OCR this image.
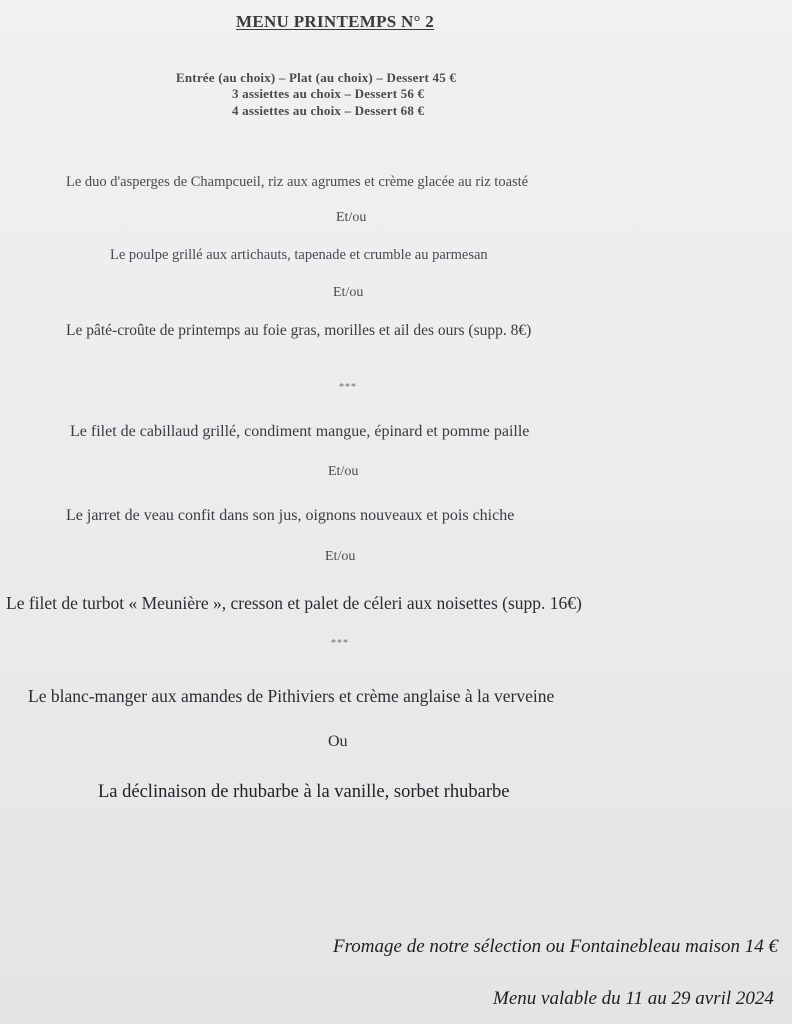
MENU PRINTEMPS N° 2
Entrée (au choix) – Plat (au choix) – Dessert 45 €
3 assiettes au choix – Dessert 56 €
4 assiettes au choix – Dessert 68 €
Le duo d'asperges de Champcueil, riz aux agrumes et crème glacée au riz toasté
Et/ou
Le poulpe grillé aux artichauts, tapenade et crumble au parmesan
Et/ou
Le pâté-croûte de printemps au foie gras, morilles et ail des ours (supp. 8€)
***
Le filet de cabillaud grillé, condiment mangue, épinard et pomme paille
Et/ou
Le jarret de veau confit dans son jus, oignons nouveaux et pois chiche
Et/ou
Le filet de turbot « Meunière », cresson et palet de céleri aux noisettes (supp. 16€)
***
Le blanc-manger aux amandes de Pithiviers et crème anglaise à la verveine
Ou
La déclinaison de rhubarbe à la vanille, sorbet rhubarbe
Fromage de notre sélection ou Fontainebleau maison 14 €
Menu valable du 11 au 29 avril 2024
